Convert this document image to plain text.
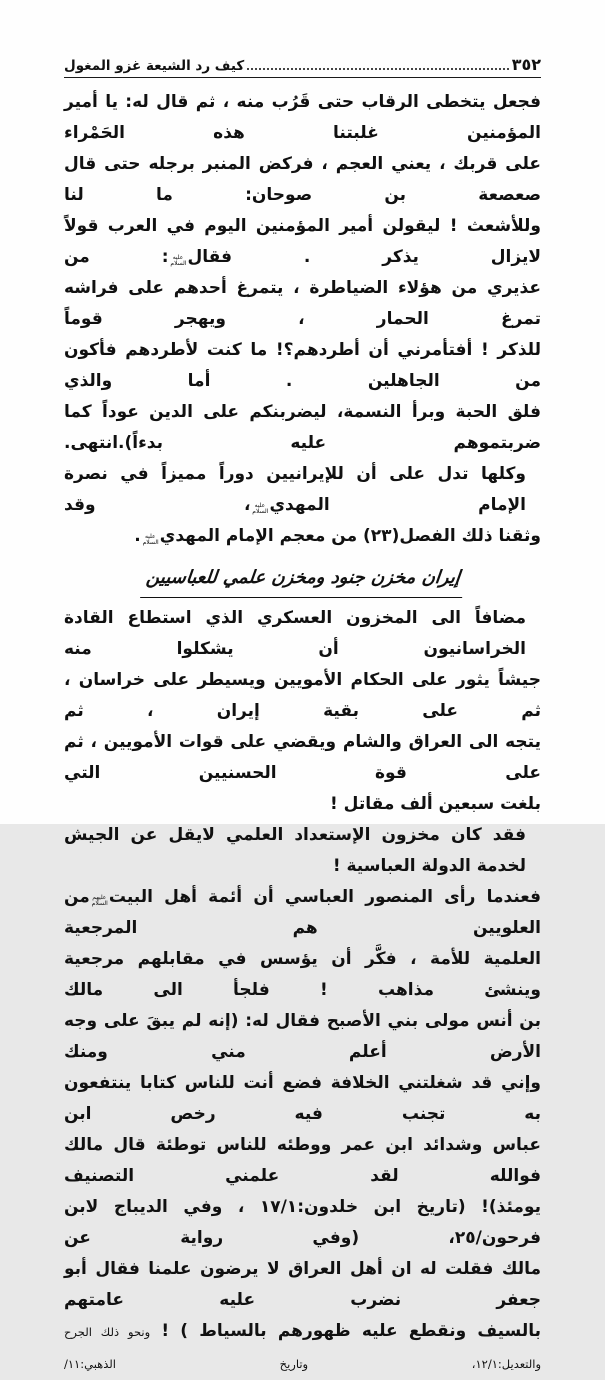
٣٥٢
كيف رد الشيعة غزو المغول
فجعل يتخطى الرقاب حتى قَرُب منه ، ثم قال له: يا أمير المؤمنين غلبتنا هذه الحَمْراء
على قربك ، يعني العجم ، فركض المنبر برجله حتى قال صعصعة بن صوحان: ما لنا
وللأشعث ! ليقولن أمير المؤمنين اليوم في العرب قولاً لايزال يذكر . فقالعليه السلام: من
عذيري من هؤلاء الضياطرة ، يتمرغ أحدهم على فراشه تمرغ الحمار ، ويهجر قوماً
للذكر ! أفتأمرني أن أطردهم؟! ما كنت لأطردهم فأكون من الجاهلين . أما والذي
فلق الحبة وبرأ النسمة، ليضربنكم على الدين عوداً كما ضربتموهم عليه بدءاً).انتهى.
وكلها تدل على أن للإيرانيين دوراً مميزاً في نصرة الإمام المهديعليه السلام، وقد
وثقنا ذلك الفصل(٢٣) من معجم الإمام المهديعليه السلام.
إيران مخزن جنود ومخزن علمي للعباسيين
مضافاً الى المخزون العسكري الذي استطاع القادة الخراسانيون أن يشكلوا منه
جيشاً يثور على الحكام الأمويين ويسيطر على خراسان ، ثم على بقية إيران ، ثم
يتجه الى العراق والشام ويقضي على قوات الأمويين ، ثم على قوة الحسنيين التي
بلغت سبعين ألف مقاتل !
فقد كان مخزون الإستعداد العلمي لايقل عن الجيش لخدمة الدولة العباسية !
فعندما رأى المنصور العباسي أن أئمة أهل البيتعليهم السلاممن العلويين هم المرجعية
العلمية للأمة ، فكَّر أن يؤسس في مقابلهم مرجعية وينشئ مذاهب ! فلجأ الى مالك
بن أنس مولى بني الأصبح فقال له: (إنه لم يبقَ على وجه الأرض أعلم مني ومنك
وإني قد شغلتني الخلافة فضع أنت للناس كتابا ينتفعون به تجنب فيه رخص ابن
عباس وشدائد ابن عمر ووطئه للناس توطئة قال مالك فوالله لقد علمني التصنيف
يومئذ)! (تاريخ ابن خلدون:١٧/١ ، وفي الديباج لابن فرحون/٢٥، (وفي رواية عن
مالك فقلت له ان أهل العراق لا يرضون علمنا فقال أبو جعفر نضرب عليه عامتهم
بالسيف ونقطع عليه ظهورهم بالسياط ) ! ونحو ذلك الجرح والتعديل:١٢/١، وتاريخ الذهبي:١١/
